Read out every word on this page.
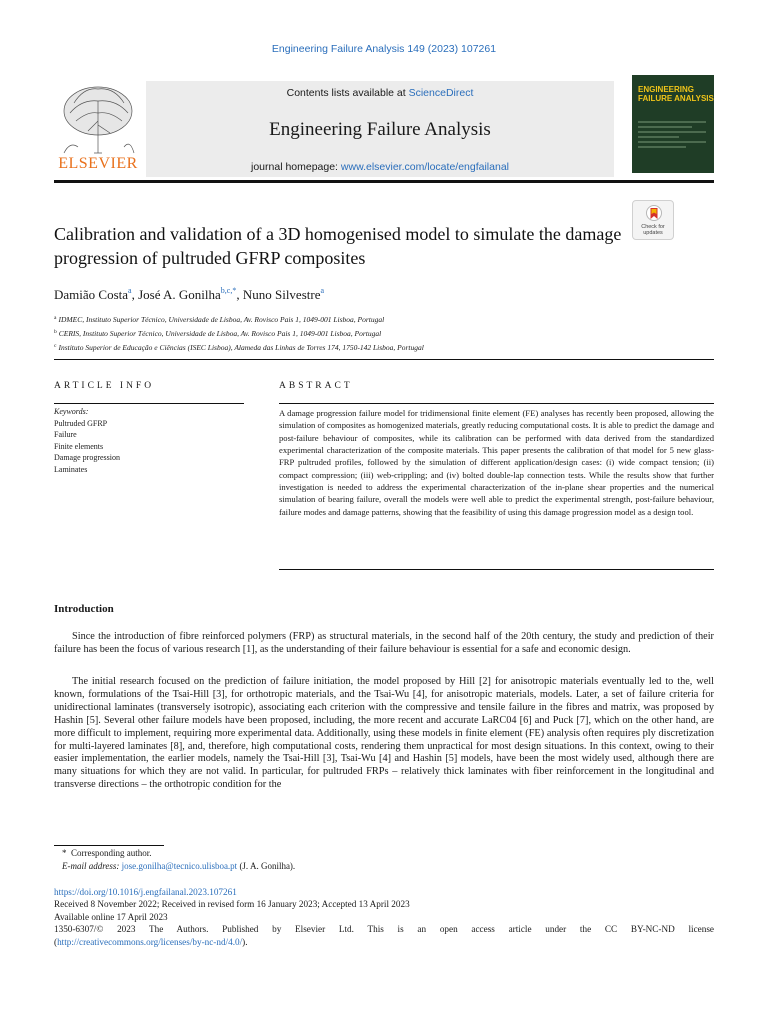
Engineering Failure Analysis 149 (2023) 107261
ELSEVIER
Contents lists available at ScienceDirect
Engineering Failure Analysis
journal homepage: www.elsevier.com/locate/engfailanal
ENGINEERING FAILURE ANALYSIS
Calibration and validation of a 3D homogenised model to simulate the damage progression of pultruded GFRP composites
Check for updates
Damião Costa$^a$, José A. Gonilha$^{b,c,*}$, Nuno Silvestre$^a$
$^a$ IDMEC, Instituto Superior Técnico, Universidade de Lisboa, Av. Rovisco Pais 1, 1049-001 Lisboa, Portugal
$^b$ CERIS, Instituto Superior Técnico, Universidade de Lisboa, Av. Rovisco Pais 1, 1049-001 Lisboa, Portugal
$^c$ Instituto Superior de Educação e Ciências (ISEC Lisboa), Alameda das Linhas de Torres 174, 1750-142 Lisboa, Portugal
ARTICLE INFO	ABSTRACT
Keywords:
Pultruded GFRP
Failure
Finite elements
Damage progression
Laminates
A damage progression failure model for tridimensional finite element (FE) analyses has recently been proposed, allowing the simulation of composites as homogenized materials, greatly reducing computational costs. It is able to predict the damage and post-failure behaviour of composites, while its calibration can be performed with data derived from the standardized experimental characterization of the composite materials. This paper presents the calibration of that model for 5 new glass-FRP pultruded profiles, followed by the simulation of different application/design cases: (i) wide compact tension; (ii) compact compression; (iii) web-crippling; and (iv) bolted double-lap connection tests. While the results show that further investigation is needed to address the experimental characterization of the in-plane shear properties and the numerical simulation of bearing failure, overall the models were well able to predict the experimental strength, post-failure behaviour, failure modes and damage patterns, showing that the feasibility of using this damage progression model as a design tool.
Introduction

Since the introduction of fibre reinforced polymers (FRP) as structural materials, in the second half of the 20th century, the study and prediction of their failure has been the focus of various research [1], as the understanding of their failure behaviour is essential for a safe and economic design.

The initial research focused on the prediction of failure initiation, the model proposed by Hill [2] for anisotropic materials eventually led to the, well known, formulations of the Tsai-Hill [3], for orthotropic materials, and the Tsai-Wu [4], for anisotropic materials, models. Later, a set of failure criteria for unidirectional laminates (transversely isotropic), associating each criterion with the compressive and tensile failure in the fibres and matrix, was proposed by Hashin [5]. Several other failure models have been proposed, including, the more recent and accurate LaRC04 [6] and Puck [7], which on the other hand, are more difficult to implement, requiring more experimental data. Additionally, using these models in finite element (FE) analysis often requires ply discretization for multi-layered laminates [8], and, therefore, high computational costs, rendering them unpractical for most design situations. In this context, owing to their easier implementation, the earlier models, namely the Tsai-Hill [3], Tsai-Wu [4] and Hashin [5] models, have been the most widely used, although there are many situations for which they are not valid. In particular, for pultruded FRPs – relatively thick laminates with fiber reinforcement in the longitudinal and transverse directions – the orthotropic condition for the

*  Corresponding author.
E-mail address: jose.gonilha@tecnico.ulisboa.pt (J. A. Gonilha).
https://doi.org/10.1016/j.engfailanal.2023.107261
Received 8 November 2022; Received in revised form 16 January 2023; Accepted 13 April 2023
Available online 17 April 2023
1350-6307/© 2023 The Authors. Published by Elsevier Ltd. This is an open access article under the CC BY-NC-ND license
(http://creativecommons.org/licenses/by-nc-nd/4.0/).
